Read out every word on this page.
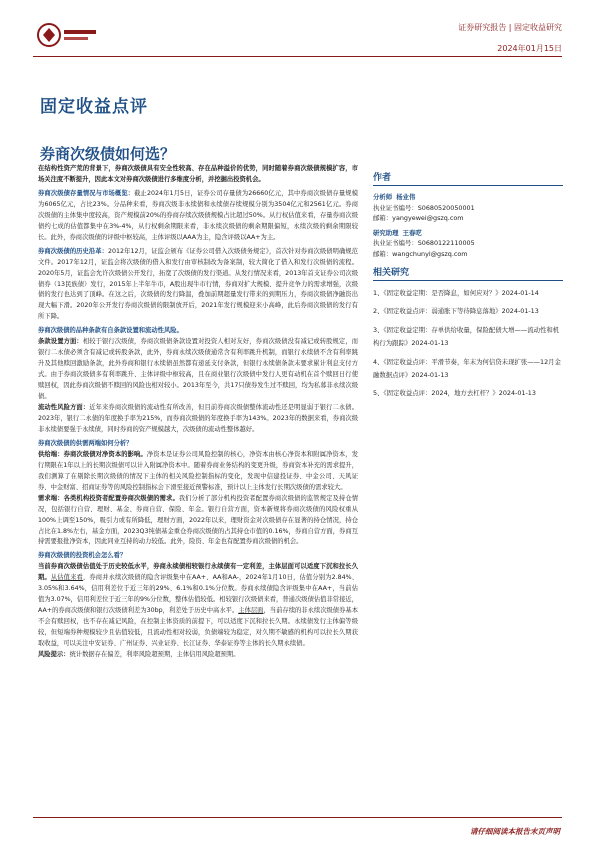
证券研究报告 | 固定收益研究
2024年01月15日
固定收益点评
券商次级债如何选？

在结构性资产荒的背景下，券商次级债具有安全性较高、存在品种溢价的优势，同时随着券商次级债规模扩容，市场关注度不断提升，因此本文对券商次级债进行多维度分析，并挖掘出投资机会。

券商次级债存量情况与市场概览：截止2024年1月5日，证券公司存量债为26660亿元，其中券商次级债存量规模为6065亿元，占比23%。分品种来看，券商次级非永续债和永续债存续规模分别为3504亿元和2561亿元。券商次级债的主体集中度较高，资产规模前20%的券商存续次级债规模占比超过50%。从行权估值来看，存量券商次级债约七成的估值都集中在3%-4%，从行权剩余期限来看，非永续次级债的剩余期限偏短，永续次级的剩余期限较长。此外，券商次级债的评级中枢较高，主体评级以AAA为主，隐含评级以AA+为主。

券商次级债的历史沿革：2012年12月，证监会颁布《证券公司借入次级债务规定》，首次针对券商次级债明确规范文件。2017年12月，证监会将次级债的借入和发行由审核制改为备案制，较大简化了借入和发行次级债的流程。2020年5月，证监会允许次级债公开发行，拓宽了次级债的发行渠道。从发行情况来看，2013年首支证券公司次级债券（13民族债）发行，2015年上半年牛市，A股出现牛市行情，券商对扩大规模、提升竞争力的需求增强，次级债的发行也达到了顶峰。在这之后，次级债的发行降温，叠加前期超量发行带来的到期压力，券商次级债净融资出现大幅下滑。2020年公开发行券商次级债的限制放开后，2021年发行规模迎来小高峰，此后券商次级债的发行有所下降。

券商次级债的品种条款有自条款设置和流动性风险。

条款设置方面：相较于银行次级债，券商次级债条款设置对投资人相对友好，券商次级债没有减记或转股规定，而银行二永债必须含有减记或转股条款，此外，券商永续次级债通常含有利率跳升机制，而银行永续债不含有利率跳升及其他赎回激励条款，此外券商和银行永续债虽然都有递延支付条款，但银行永续债条款未要求累计利息支付方式。由于券商次级债多有利率跳升、主体评级中枢较高，且在商业银行次级债中发行人更有动机在首个赎回日行使赎回权，因此券商次级债不赎回的风险也相对较小。2013年至今，共17只债券发生过不赎回，均为私募非永续次级债。

流动性风险方面：近年来券商次级债的流动性有所改善，但目前券商次级债整体流动性还是明显弱于银行二永债。2023年，银行二永债的年度换手率为215%，而券商次级债的年度换手率为143%。2023年的数据来看，券商次级非永续债要强于永续债，同时券商的资产规模越大，次级债的流动性整体越好。

券商次级债的供需两端如何分析？

供给端：券商次级债对净资本的影响。净资本是证券公司风险控制的核心，净资本由核心净资本和附属净资本，发行期限在1年以上的长期次级债可以计入附属净资本中。随着券商业务结构的变更升级，券商资本补充的需求提升，我们测算了在剔除长期次级债的情况下主体的相关风险控制指标的变化，发现中信建投证券、中金公司、天风证券、中金财富、招商证券等的风险控制指标会下滑至接近预警标准，预计以上主体发行长期次级债的需求较大。

需求端：各类机构投资者配置券商次级债的需求。我们分析了部分机构投资者配置券商次级债的监管规定及持仓情况，包括银行自营、理财、基金、券商自营、保险、年金。银行自营方面，资本新规将券商次级债的风险权重从100%上调至150%，吸引力或有所降低，理财方面，2022年以来，理财资金对次级债存在显著的持仓情况，持仓占比在1.8%左右，基金方面，2023Q3纯债基金重仓券商次级债的占其持仓市值的0.16%，券商自营方面，券商互持需要报批净资本，因此同业互持的动力较低。此外，险资、年金也有配置券商次级债的机会。

券商次级债的投资机会怎么看？

当前券商次级债估值处于历史较低水平，券商永续债相较银行永续债有一定利差，主体层面可以适度下沉和拉长久期。从估值来看，券商并永续次级债的隐含评级集中在AA+、AA和AA-，2024年1月10日，估值分别为2.84%、3.05%和3.64%，信用利差位于近三年的29%、6.1%和0.1%分位数。券商永续债隐含评级集中在AA+，当前估值为3.07%，信用利差位于近三年的9%分位数，整体估值较低。相较银行次级债来看，普通次级债估值非常接近，AA+的券商次级债和银行次级债利差为30bp，利差处于历史中高水平。主体层面，当前存续的非永续次级债券基本不会有赎回权，也不存在减记风险，在控制主体资质的前提下，可以适度下沉和拉长久期。永续债发行主体偏等级较，但短端券种规模较少且估值较低，且流动性相对较弱，负债端较为稳定，对久期不敏感的机构可以拉长久期获取收益，可以关注中安证券、广州证券、兴业证券、长江证券、华泰证券等主体的长久期永续债。

风险提示：统计数据存在偏差，利率风险超预期，主体信用风险超预期。

作者
分析师 杨业伟
执业证书编号：S0680520050001
邮箱：yangyewei@gszq.com
研究助理 王春呓
执业证书编号：S0680122110005
邮箱：wangchunyi@gszq.com
相关研究
1、《固定收益定期：是否降息，如何应对？》2024-01-14
2、《固定收益点评：弱通胀下等待降息落地》2024-01-13
3、《固定收益定期：存单供给收量，保险配债大增——流动性和机构行为跟踪》2024-01-13
4、《固定收益点评：平滑节奏，年末为何信贷未现扩张——12月金融数据点评》2024-01-13
5、《固定收益点评：2024，地方去杠杆？》2024-01-13
请仔细阅读本报告末页声明
